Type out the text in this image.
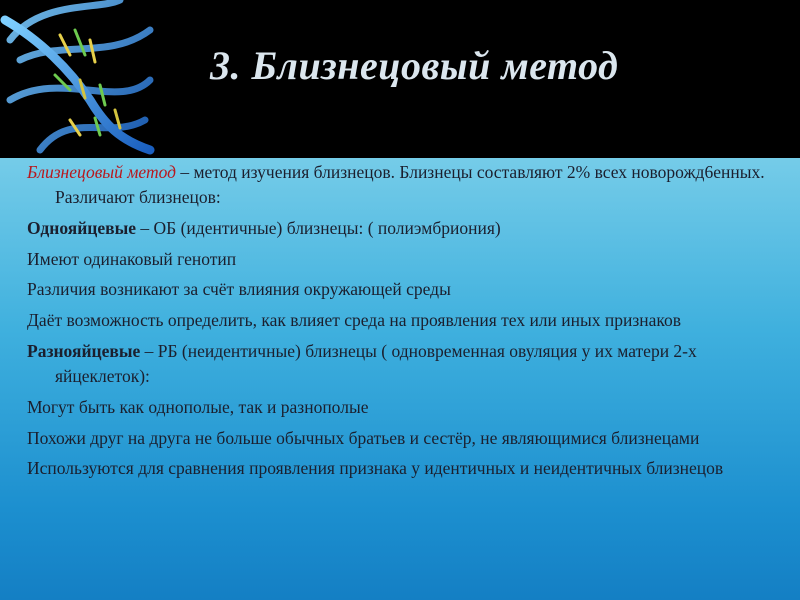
3. Близнецовый метод

Близнецовый метод – метод изучения близнецов. Близнецы составляют 2% всех новорожд6енных. Различают близнецов:

Однояйцевые – ОБ (идентичные) близнецы: ( полиэмбриония)

Имеют одинаковый генотип

Различия возникают за счёт влияния окружающей среды

Даёт возможность определить, как влияет среда на проявления тех или иных признаков

Разнояйцевые – РБ (неидентичные) близнецы ( одновременная овуляция у их матери 2-х яйцеклеток):

Могут быть как однополые, так и разнополые

Похожи друг на друга не больше обычных братьев и сестёр, не являющимися близнецами

Используются для сравнения проявления признака у идентичных и неидентичных близнецов
